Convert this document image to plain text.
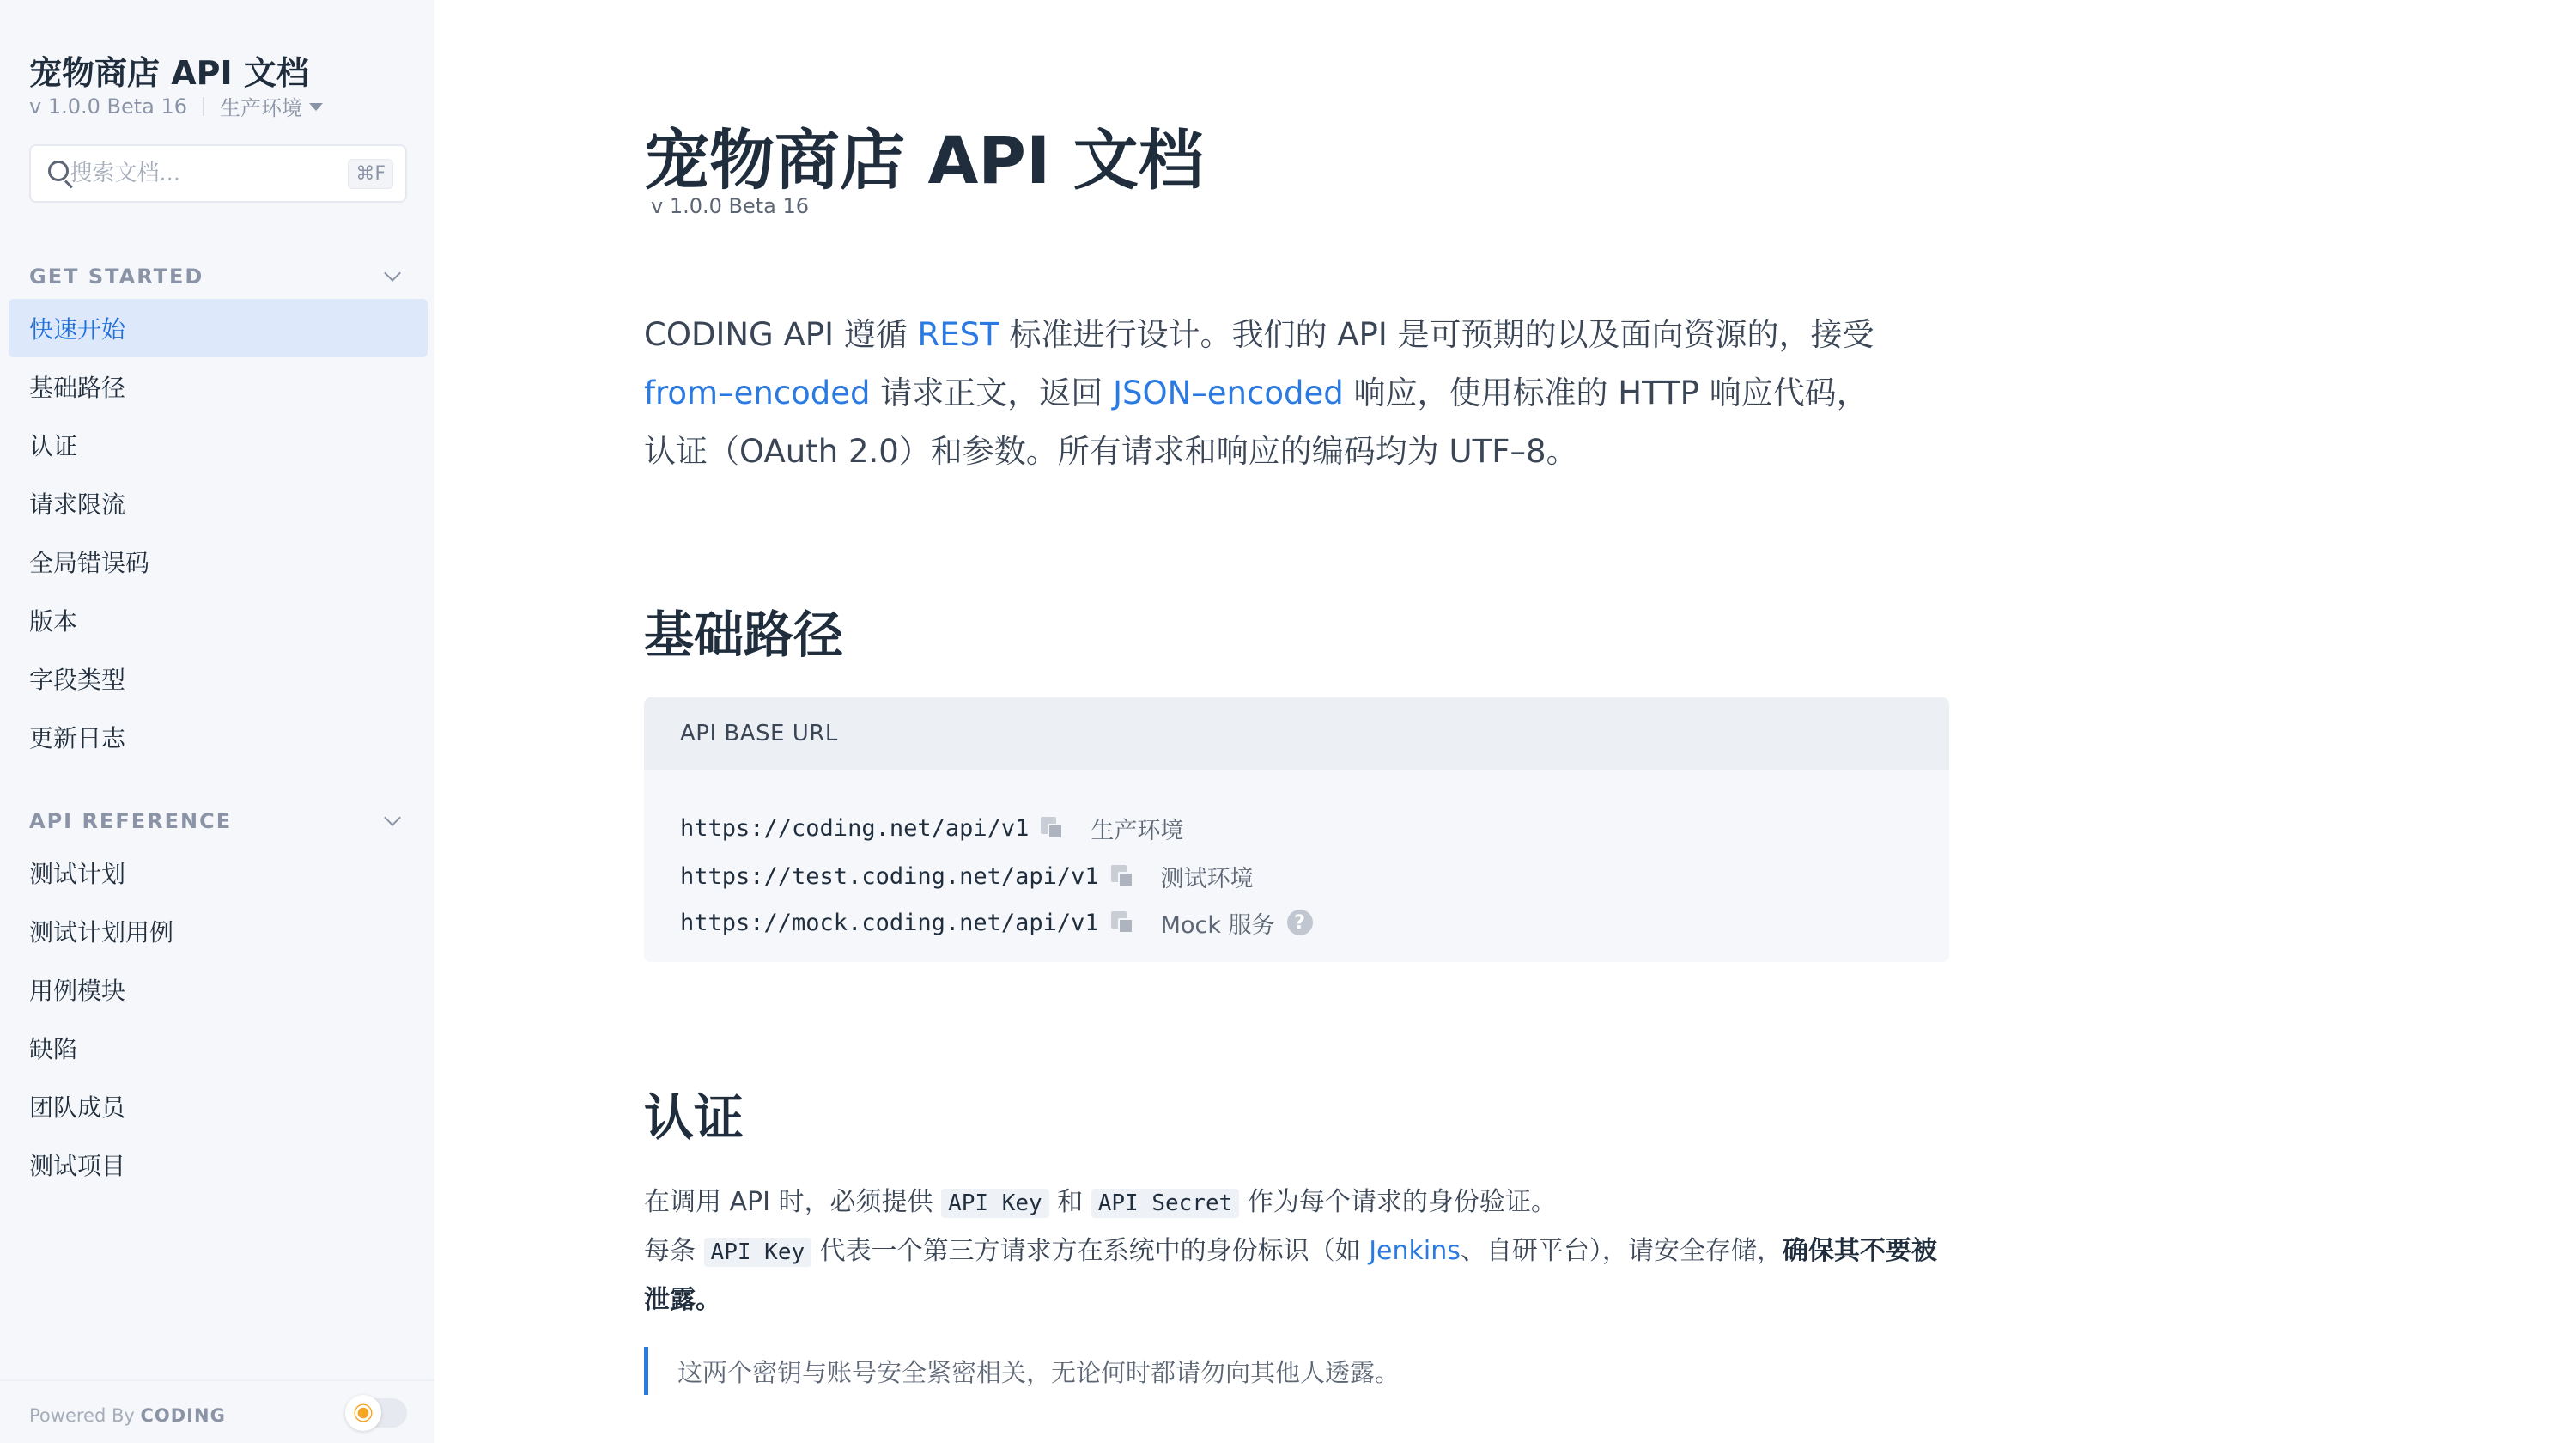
宠物商店 API 文档
v 1.0.0 Beta 16 生产环境
搜索文档...
⌘F
GET STARTED
快速开始
基础路径
认证
请求限流
全局错误码
版本
字段类型
更新日志
API REFERENCE
测试计划
测试计划用例
用例模块
缺陷
团队成员
测试项目
Powered By CODING
宠物商店 API 文档
v 1.0.0 Beta 16

CODING API 遵循 REST 标准进行设计。我们的 API 是可预期的以及面向资源的，接受
from–encoded 请求正文，返回 JSON–encoded 响应，使用标准的 HTTP 响应代码，
认证（OAuth 2.0）和参数。所有请求和响应的编码均为 UTF–8。

基础路径
API BASE URL
https://coding.net/api/v1	生产环境
https://test.coding.net/api/v1	测试环境
https://mock.coding.net/api/v1	Mock 服务	?
认证

在调用 API 时，必须提供 API Key 和 API Secret 作为每个请求的身份验证。
每条 API Key 代表一个第三方请求方在系统中的身份标识（如 Jenkins、自研平台），请安全存储，确保其不要被泄露。

这两个密钥与账号安全紧密相关，无论何时都请勿向其他人透露。
